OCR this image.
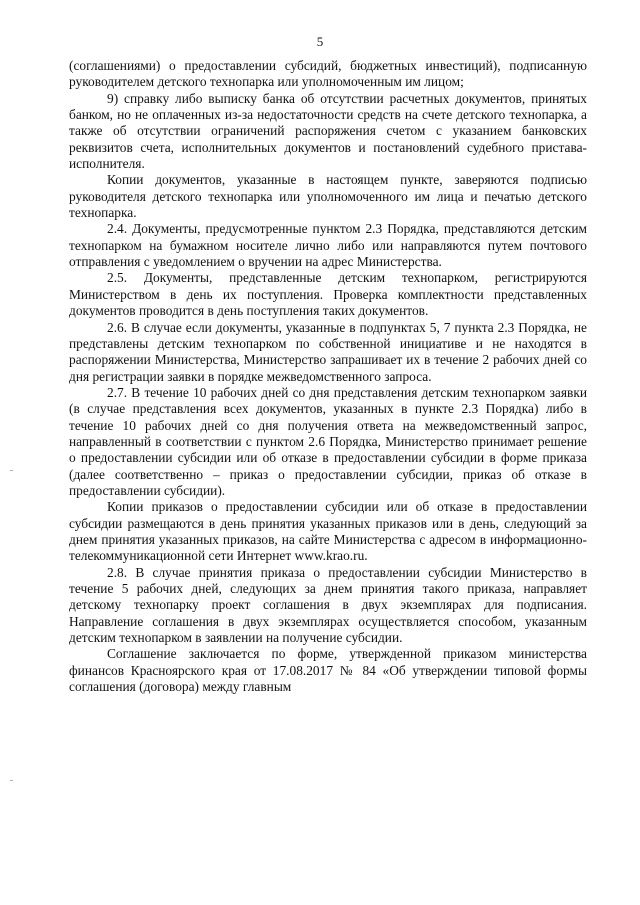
5

(соглашениями) о предоставлении субсидий, бюджетных инвестиций), подписанную руководителем детского технопарка или уполномоченным им лицом;

9) справку либо выписку банка об отсутствии расчетных документов, принятых банком, но не оплаченных из-за недостаточности средств на счете детского технопарка, а также об отсутствии ограничений распоряжения счетом с указанием банковских реквизитов счета, исполнительных документов и постановлений судебного пристава-исполнителя.

Копии документов, указанные в настоящем пункте, заверяются подписью руководителя детского технопарка или уполномоченного им лица и печатью детского технопарка.

2.4. Документы, предусмотренные пунктом 2.3 Порядка, представляются детским технопарком на бумажном носителе лично либо или направляются путем почтового отправления с уведомлением о вручении на адрес Министерства.

2.5. Документы, представленные детским технопарком, регистрируются Министерством в день их поступления. Проверка комплектности представленных документов проводится в день поступления таких документов.

2.6. В случае если документы, указанные в подпунктах 5, 7 пункта 2.3 Порядка, не представлены детским технопарком по собственной инициативе и не находятся в распоряжении Министерства, Министерство запрашивает их в течение 2 рабочих дней со дня регистрации заявки в порядке межведомственного запроса.

2.7. В течение 10 рабочих дней со дня представления детским технопарком заявки (в случае представления всех документов, указанных в пункте 2.3 Порядка) либо в течение 10 рабочих дней со дня получения ответа на межведомственный запрос, направленный в соответствии с пунктом 2.6 Порядка, Министерство принимает решение о предоставлении субсидии или об отказе в предоставлении субсидии в форме приказа (далее соответственно – приказ о предоставлении субсидии, приказ об отказе в предоставлении субсидии).

Копии приказов о предоставлении субсидии или об отказе в предоставлении субсидии размещаются в день принятия указанных приказов или в день, следующий за днем принятия указанных приказов, на сайте Министерства с адресом в информационно-телекоммуникационной сети Интернет www.krao.ru.

2.8. В случае принятия приказа о предоставлении субсидии Министерство в течение 5 рабочих дней, следующих за днем принятия такого приказа, направляет детскому технопарку проект соглашения в двух экземплярах для подписания. Направление соглашения в двух экземплярах осуществляется способом, указанным детским технопарком в заявлении на получение субсидии.

Соглашение заключается по форме, утвержденной приказом министерства финансов Красноярского края от 17.08.2017 № 84 «Об утверждении типовой формы соглашения (договора) между главным
